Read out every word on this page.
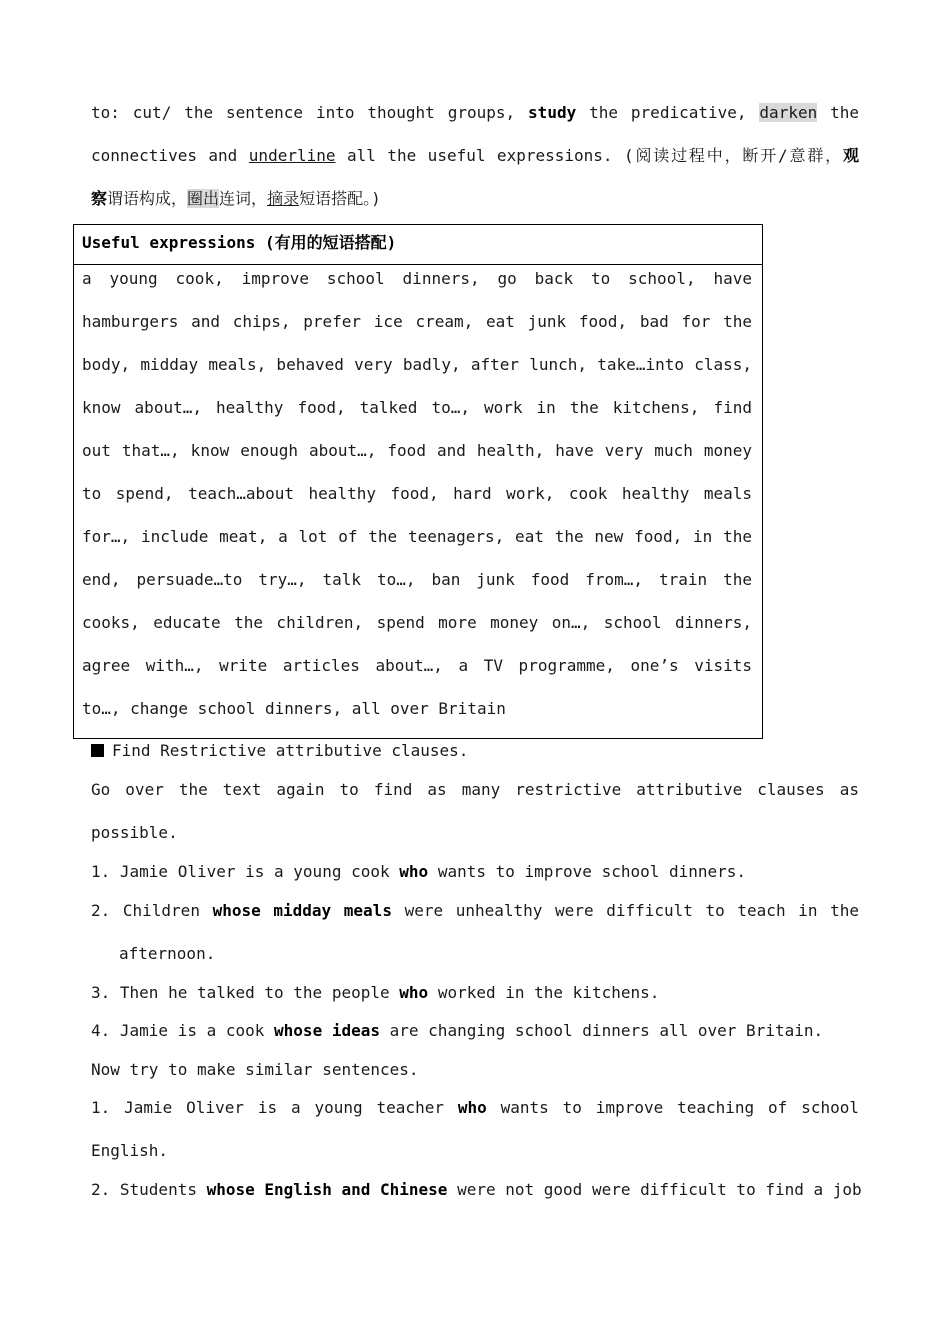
to: cut/ the sentence into thought groups, study the predicative, darken the
connectives and underline all the useful expressions. (阅读过程中，断开/意群，观
察谓语构成，圈出连词，摘录短语搭配。)
Useful expressions (有用的短语搭配)
a young cook, improve school dinners, go back to school, have
hamburgers and chips, prefer ice cream, eat junk food, bad for the
body, midday meals, behaved very badly, after lunch, take…into class,
know about…, healthy food, talked to…, work in the kitchens, find
out that…, know enough about…, food and health, have very much money
to spend, teach…about healthy food, hard work, cook healthy meals
for…, include meat, a lot of the teenagers, eat the new food, in the
end, persuade…to try…, talk to…, ban junk food from…, train the
cooks, educate the children, spend more money on…, school dinners,
agree with…, write articles about…, a TV programme, one’s visits
to…, change school dinners, all over Britain
Find Restrictive attributive clauses.
Go over the text again to find as many restrictive attributive clauses as
possible.
1. Jamie Oliver is a young cook who wants to improve school dinners.
2. Children whose midday meals were unhealthy were difficult to teach in the
afternoon.
3. Then he talked to the people who worked in the kitchens.
4. Jamie is a cook whose ideas are changing school dinners all over Britain.
Now try to make similar sentences.
1. Jamie Oliver is a young teacher who wants to improve teaching of school
English.
2. Students whose English and Chinese were not good were difficult to find a job
